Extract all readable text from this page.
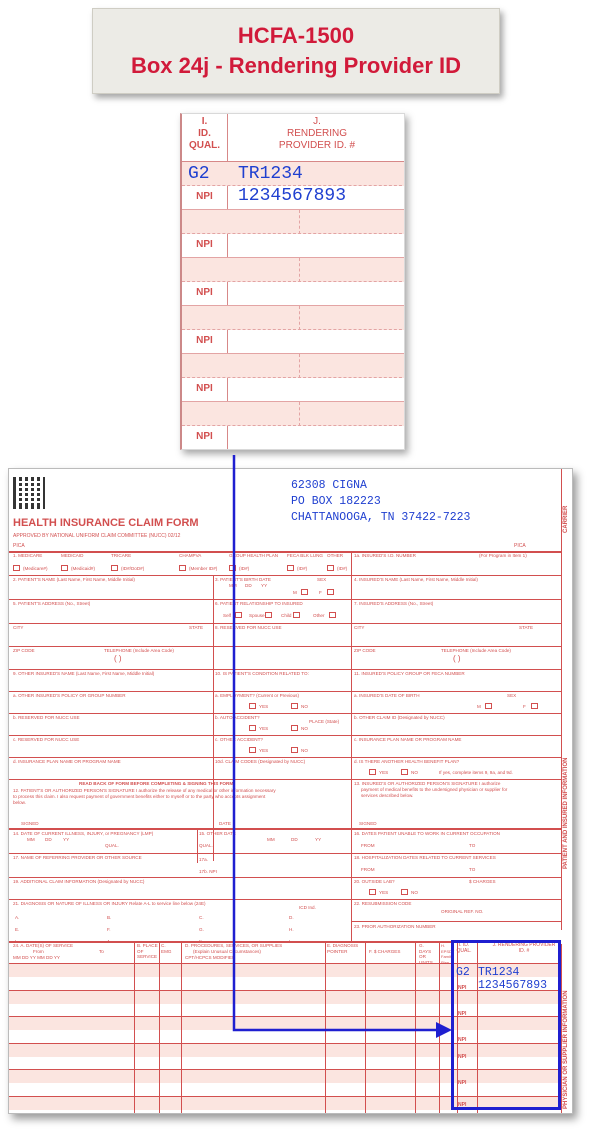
HCFA-1500
Box 24j - Rendering Provider ID
I.
ID.
QUAL.
J.
RENDERING
PROVIDER ID. #
G2 TR1234
NPI	1234567893
NPI
NPI
NPI
NPI
NPI
HEALTH INSURANCE CLAIM FORM
APPROVED BY NATIONAL UNIFORM CLAIM COMMITTEE (NUCC) 02/12
PICA	PICA
62308 CIGNA
PO BOX 182223
CHATTANOOGA, TN 37422-7223	CARRIER
PATIENT AND INSURED INFORMATION
PHYSICIAN OR SUPPLIER INFORMATION
1. MEDICARE	MEDICAID	TRICARE	CHAMPVA	GROUP HEALTH PLAN FECA BLK LUNG OTHER
(Medicare#)	(Medicaid#)	(ID#/DoD#)	(Member ID#)	(ID#)	(ID#)	(ID#)
1a. INSURED'S I.D. NUMBER	(For Program in Item 1)
2. PATIENT'S NAME (Last Name, First Name, Middle Initial)	3. PATIENT'S BIRTH DATE	SEX
MM DD YY
M	F
4. INSURED'S NAME (Last Name, First Name, Middle Initial)
5. PATIENT'S ADDRESS (No., Street)	6. PATIENT RELATIONSHIP TO INSURED
Self	Spouse	Child	Other
7. INSURED'S ADDRESS (No., Street)
CITY	STATE	8. RESERVED FOR NUCC USE	CITY	STATE
ZIP CODE	TELEPHONE (Include Area Code)
( )
ZIP CODE	TELEPHONE (Include Area Code)
( )
9. OTHER INSURED'S NAME (Last Name, First Name, Middle Initial)	10. IS PATIENT'S CONDITION RELATED TO:	11. INSURED'S POLICY GROUP OR FECA NUMBER
a. OTHER INSURED'S POLICY OR GROUP NUMBER	a. EMPLOYMENT? (Current or Previous)
YES	NO
a. INSURED'S DATE OF BIRTH	SEX
M	F
b. RESERVED FOR NUCC USE	b. AUTO ACCIDENT?
PLACE (State)
YES	NO
b. OTHER CLAIM ID (Designated by NUCC)
c. RESERVED FOR NUCC USE	c. OTHER ACCIDENT?
YES	NO
c. INSURANCE PLAN NAME OR PROGRAM NAME
d. INSURANCE PLAN NAME OR PROGRAM NAME	10d. CLAIM CODES (Designated by NUCC)	d. IS THERE ANOTHER HEALTH BENEFIT PLAN?
YES	NO	If yes, complete items 9, 9a, and 9d.
READ BACK OF FORM BEFORE COMPLETING & SIGNING THIS FORM.
12. PATIENT'S OR AUTHORIZED PERSON'S SIGNATURE I authorize the release of any medical or other information necessary
to process this claim. I also request payment of government benefits either to myself or to the party who accepts assignment
below.
13. INSURED'S OR AUTHORIZED PERSON'S SIGNATURE I authorize
payment of medical benefits to the undersigned physician or supplier for
services described below.
SIGNED	DATE	SIGNED
14. DATE OF CURRENT ILLNESS, INJURY, or PREGNANCY (LMP)
MM DD YY
QUAL.
15. OTHER DATE
QUAL.
MM	DD	YY
16. DATES PATIENT UNABLE TO WORK IN CURRENT OCCUPATION
FROM	TO
17. NAME OF REFERRING PROVIDER OR OTHER SOURCE	17a.
17b. NPI
18. HOSPITALIZATION DATES RELATED TO CURRENT SERVICES
FROM	TO
19. ADDITIONAL CLAIM INFORMATION (Designated by NUCC)	20. OUTSIDE LAB?	$ CHARGES
YES	NO
21. DIAGNOSIS OR NATURE OF ILLNESS OR INJURY Relate A-L to service line below (24E)
ICD Ind.
A.	B.	C.	D.
E.	F.	G.	H.
22. RESUBMISSION CODE
ORIGINAL REF. NO.
23. PRIOR AUTHORIZATION NUMBER
24. A. DATE(S) OF SERVICE
From	To
MM DD YY MM DD YY
B. PLACE OF SERVICE
C. EMG
D. PROCEDURES, SERVICES, OR SUPPLIES
(Explain Unusual Circumstances)
CPT/HCPCS MODIFIER
E. DIAGNOSIS POINTER	F. $ CHARGES
G. DAYS OR UNITS
H. EPSDT Family Plan
I. ID. QUAL.
J. RENDERING PROVIDER ID. #
G2 TR1234
1234567893
NPI
NPI
NPI
NPI
NPI
NPI
